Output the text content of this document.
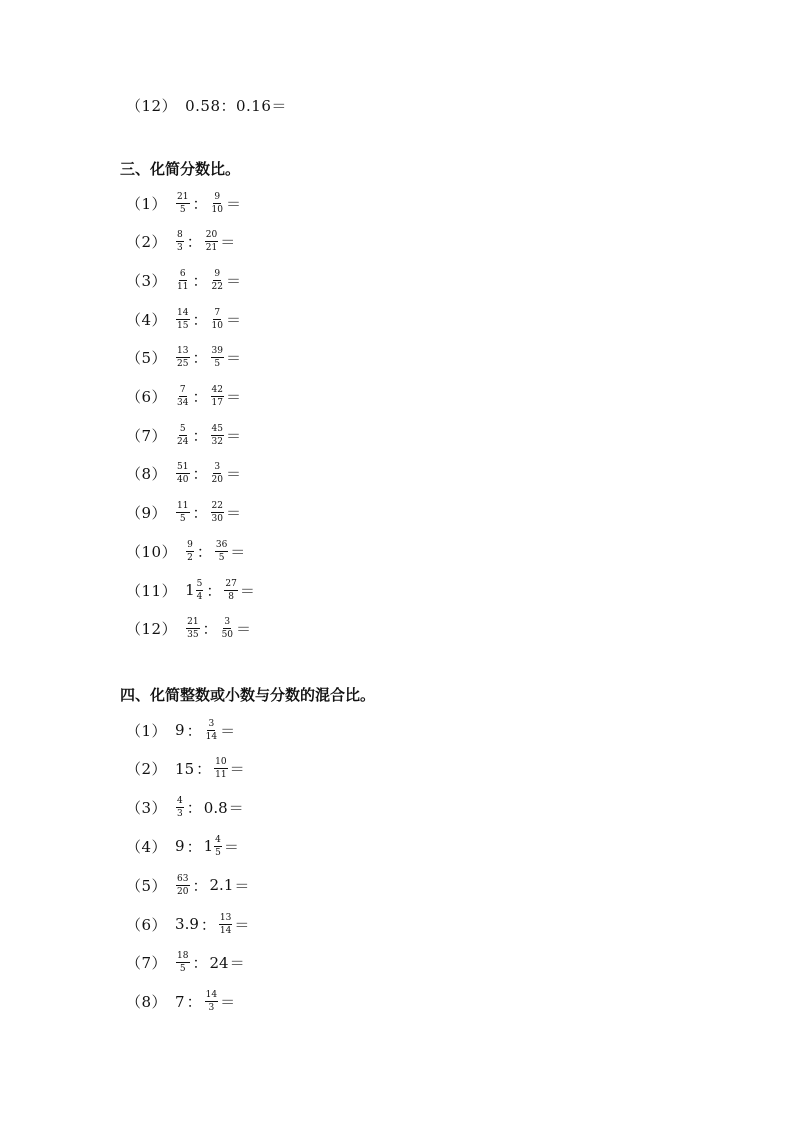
（12） 0.58：0.16＝
三、化简分数比。
$(1) \frac{21}{5}$ ： $\frac{9}{10}$ ＝
$(2) \frac{8}{3}$ ： $\frac{20}{21}$ ＝
$(3) \frac{6}{11}$ ： $\frac{9}{22}$ ＝
$(4) \frac{14}{15}$ ： $\frac{7}{10}$ ＝
$(5) \frac{13}{25}$ ： $\frac{39}{5}$ ＝
$(6) \frac{7}{34}$ ： $\frac{42}{17}$ ＝
$(7) \frac{5}{24}$ ： $\frac{45}{32}$ ＝
$(8) \frac{51}{40}$ ： $\frac{3}{20}$ ＝
$(9) \frac{11}{5}$ ： $\frac{22}{30}$ ＝
$(10) \frac{9}{2}$ ： $\frac{36}{5}$ ＝
（11） $1 \frac{5}{4}$ ： $\frac{27}{8}$ ＝
$(12) \frac{21}{35}$ ： $\frac{3}{50}$ ＝
四、化简整数或小数与分数的混合比。
（1） 9 ： $\frac{3}{14}$ ＝
（2） 15 ： $\frac{10}{11}$ ＝
$(3) \frac{4}{3}$ ： 0.8 ＝
（4） 9 ： $1 \frac{4}{5}$ ＝
$(5) \frac{63}{20}$ ： 2.1 ＝
（6） 3.9 ： $\frac{13}{14}$ ＝
$(7) \frac{18}{5}$ ： 24 ＝
（8） 7 ： $\frac{14}{3}$ ＝
